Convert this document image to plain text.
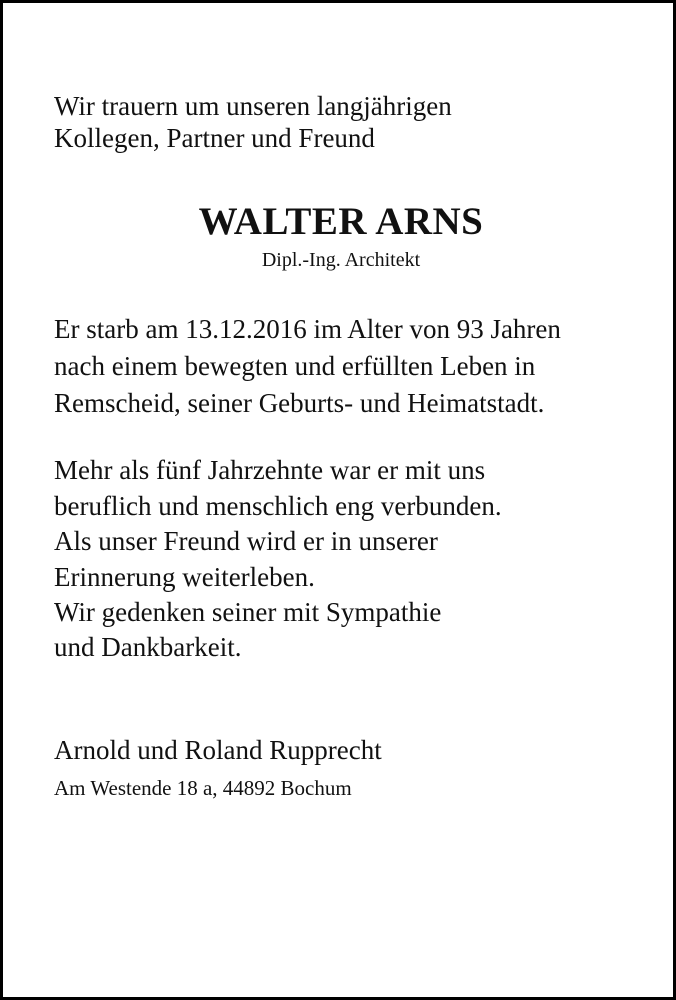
Wir trauern um unseren langjährigen
Kollegen, Partner und Freund
WALTER ARNS
Dipl.-Ing. Architekt
Er starb am 13.12.2016 im Alter von 93 Jahren
nach einem bewegten und erfüllten Leben in
Remscheid, seiner Geburts- und Heimatstadt.
Mehr als fünf Jahrzehnte war er mit uns
beruflich und menschlich eng verbunden.
Als unser Freund wird er in unserer
Erinnerung weiterleben.
Wir gedenken seiner mit Sympathie
und Dankbarkeit.
Arnold und Roland Rupprecht
Am Westende 18 a, 44892 Bochum
